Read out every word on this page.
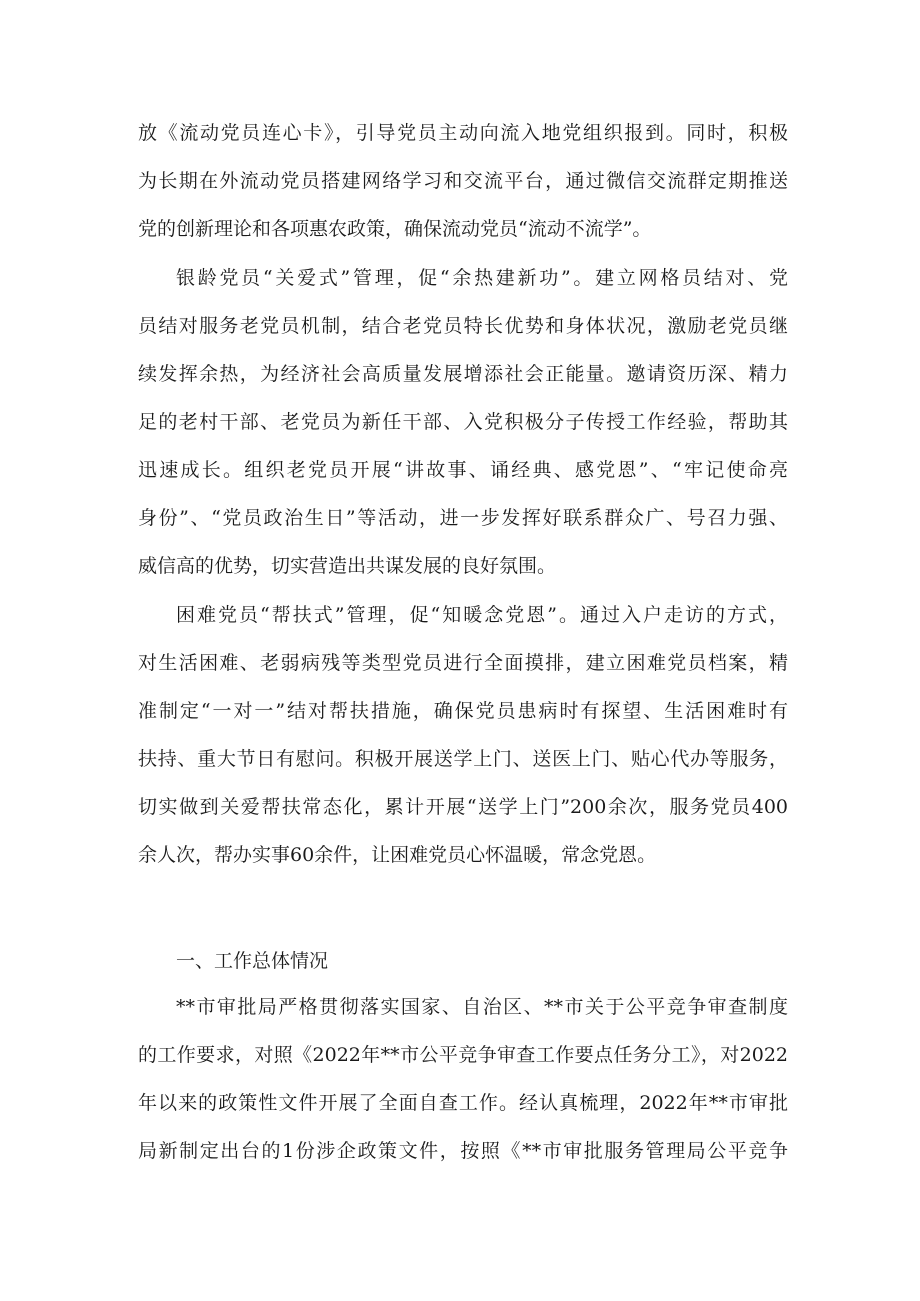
放《流动党员连心卡》，引导党员主动向流入地党组织报到。同时，积极
为长期在外流动党员搭建网络学习和交流平台，通过微信交流群定期推送
党的创新理论和各项惠农政策，确保流动党员“流动不流学”。
银龄党员“关爱式”管理，促“余热建新功”。建立网格员结对、党
员结对服务老党员机制，结合老党员特长优势和身体状况，激励老党员继
续发挥余热，为经济社会高质量发展增添社会正能量。邀请资历深、精力
足的老村干部、老党员为新任干部、入党积极分子传授工作经验，帮助其
迅速成长。组织老党员开展“讲故事、诵经典、感党恩”、“牢记使命亮
身份”、“党员政治生日”等活动，进一步发挥好联系群众广、号召力强、
威信高的优势，切实营造出共谋发展的良好氛围。
困难党员“帮扶式”管理，促“知暖念党恩”。通过入户走访的方式，
对生活困难、老弱病残等类型党员进行全面摸排，建立困难党员档案，精
准制定“一对一”结对帮扶措施，确保党员患病时有探望、生活困难时有
扶持、重大节日有慰问。积极开展送学上门、送医上门、贴心代办等服务，
切实做到关爱帮扶常态化，累计开展“送学上门”200余次，服务党员400
余人次，帮办实事60余件，让困难党员心怀温暖，常念党恩。
一、工作总体情况
**市审批局严格贯彻落实国家、自治区、**市关于公平竞争审查制度
的工作要求，对照《2022年**市公平竞争审查工作要点任务分工》，对2022
年以来的政策性文件开展了全面自查工作。经认真梳理，2022年**市审批
局新制定出台的1份涉企政策文件，按照《**市审批服务管理局公平竞争
